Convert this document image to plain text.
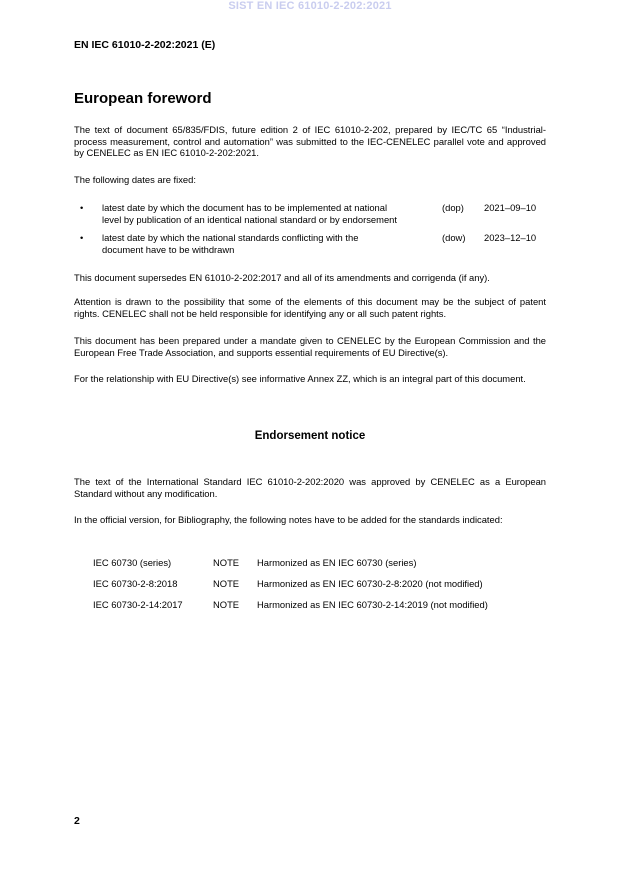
SIST EN IEC 61010-2-202:2021
EN IEC 61010-2-202:2021 (E)
European foreword
The text of document 65/835/FDIS, future edition 2 of IEC 61010-2-202, prepared by IEC/TC 65 “Industrial-process measurement, control and automation” was submitted to the IEC-CENELEC parallel vote and approved by CENELEC as EN IEC 61010-2-202:2021.
The following dates are fixed:
• latest date by which the document has to be implemented at national level by publication of an identical national standard or by endorsement
(dop) 2021–09–10
• latest date by which the national standards conflicting with the document have to be withdrawn
(dow) 2023–12–10
This document supersedes EN 61010-2-202:2017 and all of its amendments and corrigenda (if any).
Attention is drawn to the possibility that some of the elements of this document may be the subject of patent rights. CENELEC shall not be held responsible for identifying any or all such patent rights.
This document has been prepared under a mandate given to CENELEC by the European Commission and the European Free Trade Association, and supports essential requirements of EU Directive(s).
For the relationship with EU Directive(s) see informative Annex ZZ, which is an integral part of this document.
Endorsement notice
The text of the International Standard IEC 61010-2-202:2020 was approved by CENELEC as a European Standard without any modification.
In the official version, for Bibliography, the following notes have to be added for the standards indicated:
IEC 60730 (series)	NOTE Harmonized as EN IEC 60730 (series)
IEC 60730-2-8:2018	NOTE Harmonized as EN IEC 60730-2-8:2020 (not modified)
IEC 60730-2-14:2017	NOTE Harmonized as EN IEC 60730-2-14:2019 (not modified)
2
